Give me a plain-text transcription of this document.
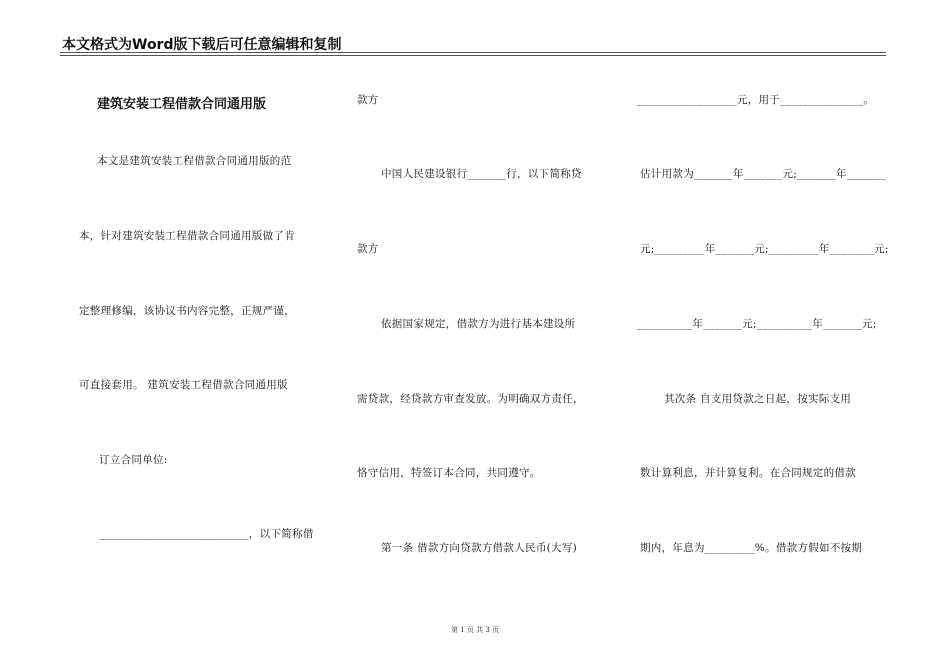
本文格式为Word版下载后可任意编辑和复制
建筑安装工程借款合同通用版
本文是建筑安装工程借款合同通用版的范
本，针对建筑安装工程借款合同通用版做了肯
定整理修编，该协议书内容完整，正规严谨，
可直接套用。 建筑安装工程借款合同通用版
订立合同单位:
___________________________，以下简称借
款方
中国人民建设银行_______行，以下简称贷
款方
依据国家规定，借款方为进行基本建设所
需贷款，经贷款方审查发放。为明确双方责任，
恪守信用，特签订本合同，共同遵守。
第一条 借款方向贷款方借款人民币(大写)
__________________元，用于_______________。
估计用款为_______年_______元;_______年_______
元;_________年_______元;_________年________元;
__________年_______元;__________年_______元;
其次条 自支用贷款之日起，按实际支用
数计算利息，并计算复利。在合同规定的借款
期内，年息为_________%。借款方假如不按期
第 1 页 共 3 页
